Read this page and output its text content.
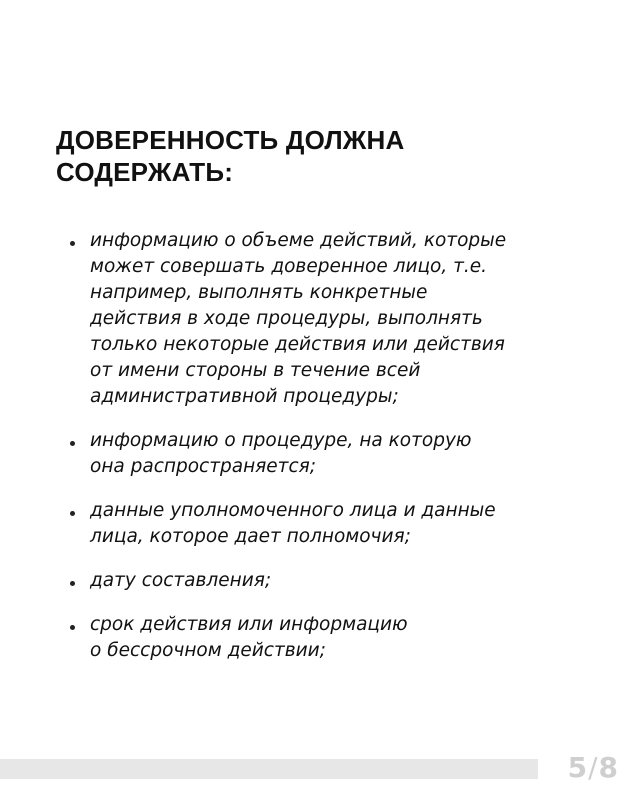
ДОВЕРЕННОСТЬ ДОЛЖНА
СОДЕРЖАТЬ:
информацию о объеме действий, которые
может совершать доверенное лицо, т.е.
например, выполнять конкретные
действия в ходе процедуры, выполнять
только некоторые действия или действия
от имени стороны в течение всей
административной процедуры;
информацию о процедуре, на которую
она распространяется;
данные уполномоченного лица и данные
лица, которое дает полномочия;
дату составления;
срок действия или информацию
о бессрочном действии;
5/8
